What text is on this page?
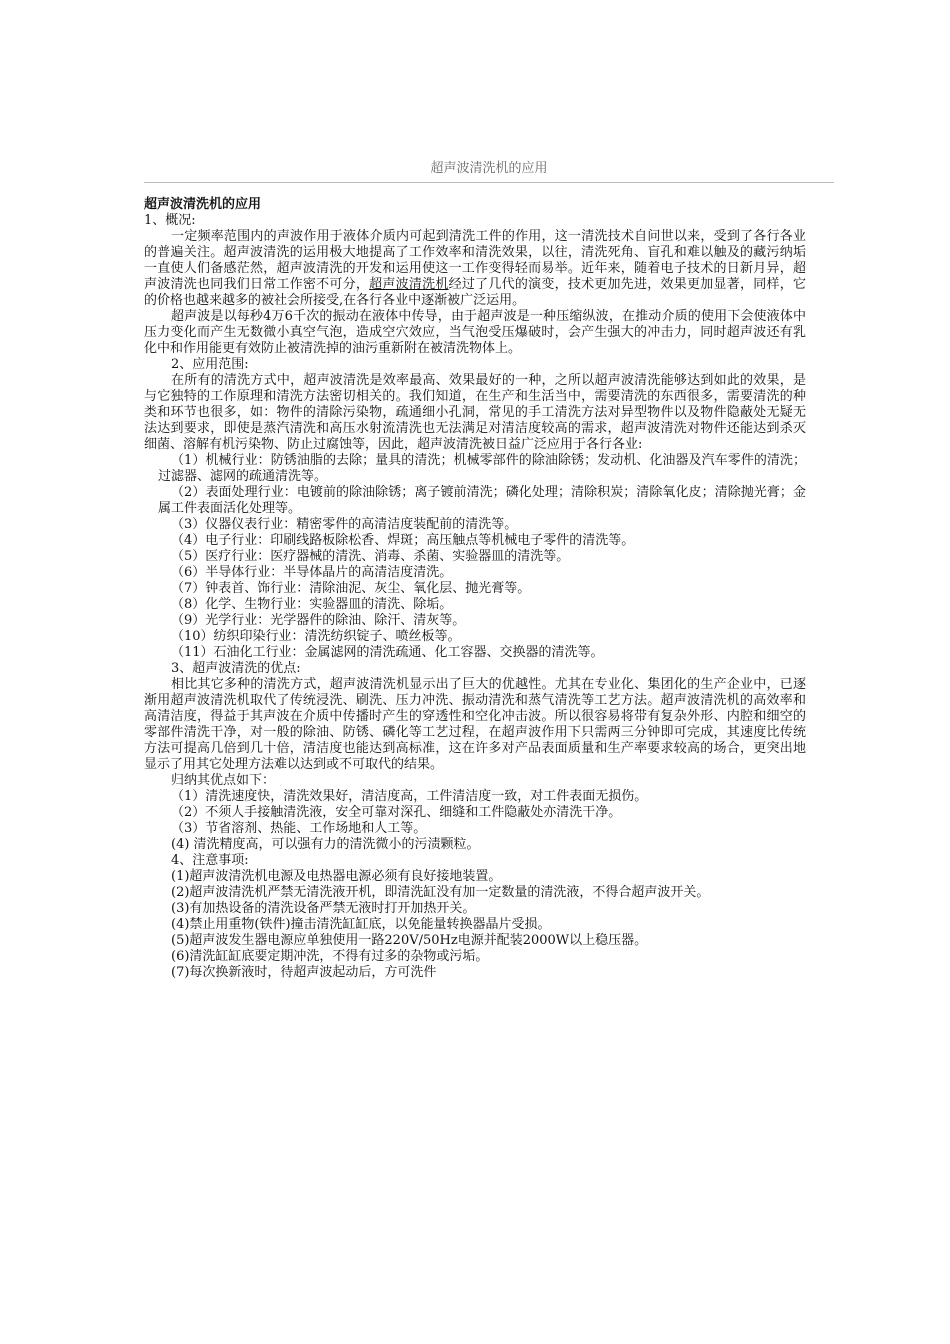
超声波清洗机的应用
超声波清洗机的应用

1、概况:

一定频率范围内的声波作用于液体介质内可起到清洗工件的作用，这一清洗技术自问世以来，受到了各行各业的普遍关注。超声波清洗的运用极大地提高了工作效率和清洗效果，以往，清洗死角、盲孔和难以触及的藏污纳垢一直使人们备感茫然，超声波清洗的开发和运用使这一工作变得轻而易举。近年来，随着电子技术的日新月异，超声波清洗也同我们日常工作密不可分，超声波清洗机经过了几代的演变，技术更加先进，效果更加显著，同样，它的价格也越来越多的被社会所接受,在各行各业中逐渐被广泛运用。

超声波是以每秒4万6千次的振动在液体中传导，由于超声波是一种压缩纵波，在推动介质的使用下会使液体中压力变化而产生无数微小真空气泡，造成空穴效应，当气泡受压爆破时，会产生强大的冲击力，同时超声波还有乳化中和作用能更有效防止被清洗掉的油污重新附在被清洗物体上。

2、应用范围:

在所有的清洗方式中，超声波清洗是效率最高、效果最好的一种，之所以超声波清洗能够达到如此的效果，是与它独特的工作原理和清洗方法密切相关的。我们知道，在生产和生活当中，需要清洗的东西很多，需要清洗的种类和环节也很多，如：物件的清除污染物，疏通细小孔洞，常见的手工清洗方法对异型物件以及物件隐蔽处无疑无法达到要求，即使是蒸汽清洗和高压水射流清洗也无法满足对清洁度较高的需求，超声波清洗对物件还能达到杀灭细菌、溶解有机污染物、防止过腐蚀等，因此，超声波清洗被日益广泛应用于各行各业:

（1）机械行业：防锈油脂的去除；量具的清洗；机械零部件的除油除锈；发动机、化油器及汽车零件的清洗；过滤器、滤网的疏通清洗等。

（2）表面处理行业：电镀前的除油除锈；离子镀前清洗；磷化处理；清除积炭；清除氧化皮；清除抛光膏；金属工件表面活化处理等。

（3）仪器仪表行业：精密零件的高清洁度装配前的清洗等。

（4）电子行业：印刷线路板除松香、焊斑；高压触点等机械电子零件的清洗等。

（5）医疗行业：医疗器械的清洗、消毒、杀菌、实验器皿的清洗等。

（6）半导体行业：半导体晶片的高清洁度清洗。

（7）钟表首、饰行业：清除油泥、灰尘、氧化层、抛光膏等。

（8）化学、生物行业：实验器皿的清洗、除垢。

（9）光学行业：光学器件的除油、除汗、清灰等。

（10）纺织印染行业：清洗纺织锭子、喷丝板等。

（11）石油化工行业：金属滤网的清洗疏通、化工容器、交换器的清洗等。

3、超声波清洗的优点:

相比其它多种的清洗方式，超声波清洗机显示出了巨大的优越性。尤其在专业化、集团化的生产企业中，已逐渐用超声波清洗机取代了传统浸洗、刷洗、压力冲洗、振动清洗和蒸气清洗等工艺方法。超声波清洗机的高效率和高清洁度，得益于其声波在介质中传播时产生的穿透性和空化冲击波。所以很容易将带有复杂外形、内腔和细空的零部件清洗干净，对一般的除油、防锈、磷化等工艺过程，在超声波作用下只需两三分钟即可完成，其速度比传统方法可提高几倍到几十倍，清洁度也能达到高标准，这在许多对产品表面质量和生产率要求较高的场合，更突出地显示了用其它处理方法难以达到或不可取代的结果。

归纳其优点如下：

（1）清洗速度快，清洗效果好，清洁度高，工件清洁度一致，对工件表面无损伤。

（2）不须人手接触清洗液，安全可靠对深孔、细缝和工件隐蔽处亦清洗干净。

（3）节省溶剂、热能、工作场地和人工等。

(4) 清洗精度高，可以强有力的清洗微小的污渍颗粒。

4、注意事项:

(1)超声波清洗机电源及电热器电源必须有良好接地装置。

(2)超声波清洗机严禁无清洗液开机，即清洗缸没有加一定数量的清洗液，不得合超声波开关。

(3)有加热设备的清洗设备严禁无液时打开加热开关。

(4)禁止用重物(铁件)撞击清洗缸缸底，以免能量转换器晶片受损。

(5)超声波发生器电源应单独使用一路220V/50Hz电源并配装2000W以上稳压器。

(6)清洗缸缸底要定期冲洗，不得有过多的杂物或污垢。

(7)每次换新液时，待超声波起动后，方可洗件
